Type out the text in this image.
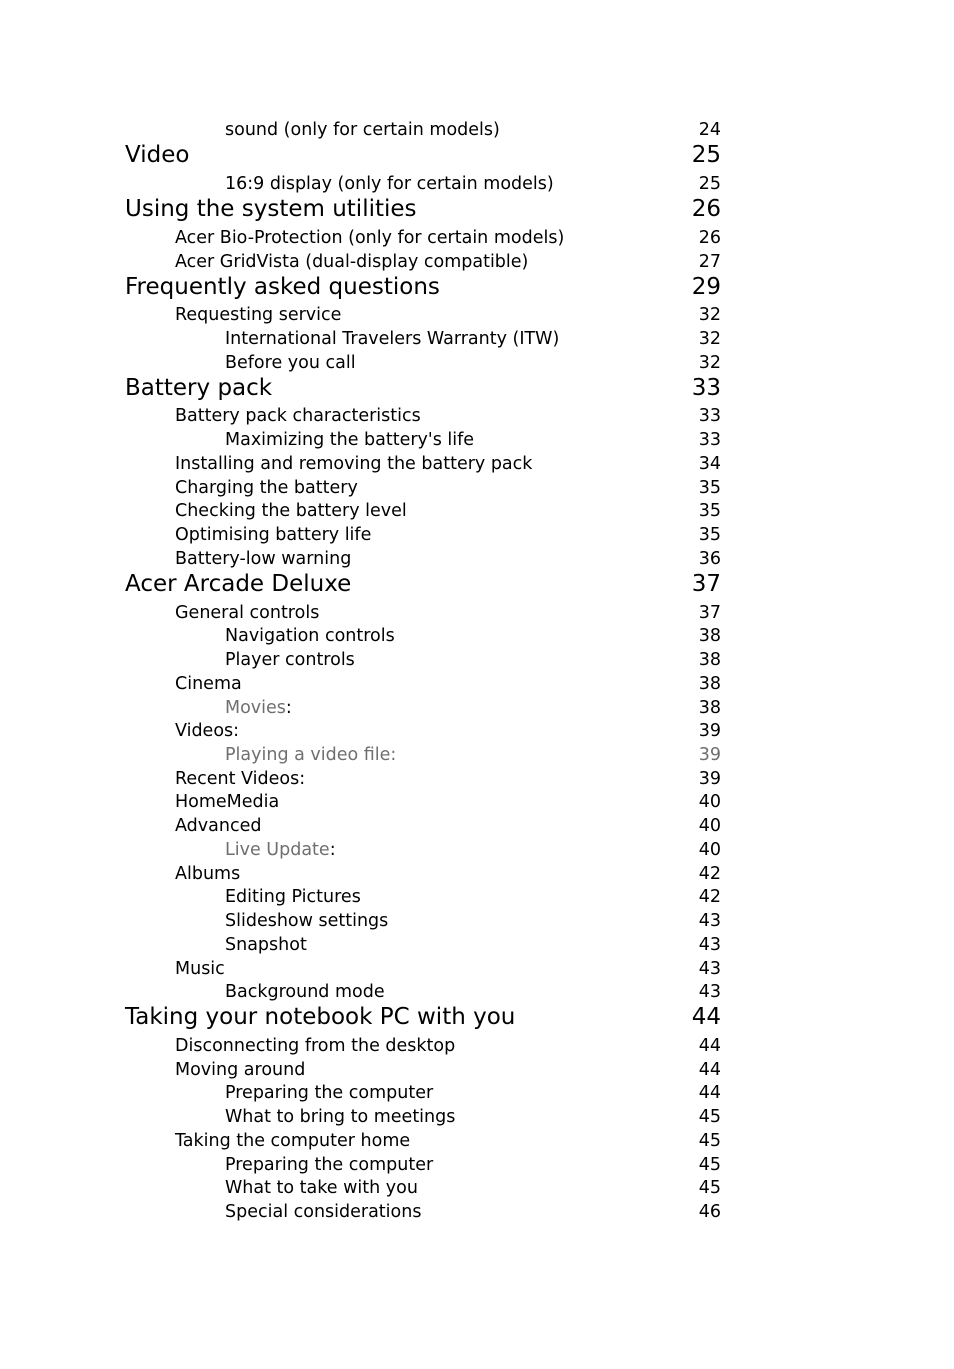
sound (only for certain models)	24
Video	25
16:9 display (only for certain models)	25
Using the system utilities	26
Acer Bio-Protection (only for certain models)	26
Acer GridVista (dual-display compatible)	27
Frequently asked questions	29
Requesting service	32
International Travelers Warranty (ITW)	32
Before you call	32
Battery pack	33
Battery pack characteristics	33
Maximizing the battery's life	33
Installing and removing the battery pack	34
Charging the battery	35
Checking the battery level	35
Optimising battery life	35
Battery-low warning	36
Acer Arcade Deluxe	37
General controls	37
Navigation controls	38
Player controls	38
Cinema	38
Movies:	38
Videos:	39
Playing a video file:	39
Recent Videos:	39
HomeMedia	40
Advanced	40
Live Update:	40
Albums	42
Editing Pictures	42
Slideshow settings	43
Snapshot	43
Music	43
Background mode	43
Taking your notebook PC with you	44
Disconnecting from the desktop	44
Moving around	44
Preparing the computer	44
What to bring to meetings	45
Taking the computer home	45
Preparing the computer	45
What to take with you	45
Special considerations	46
